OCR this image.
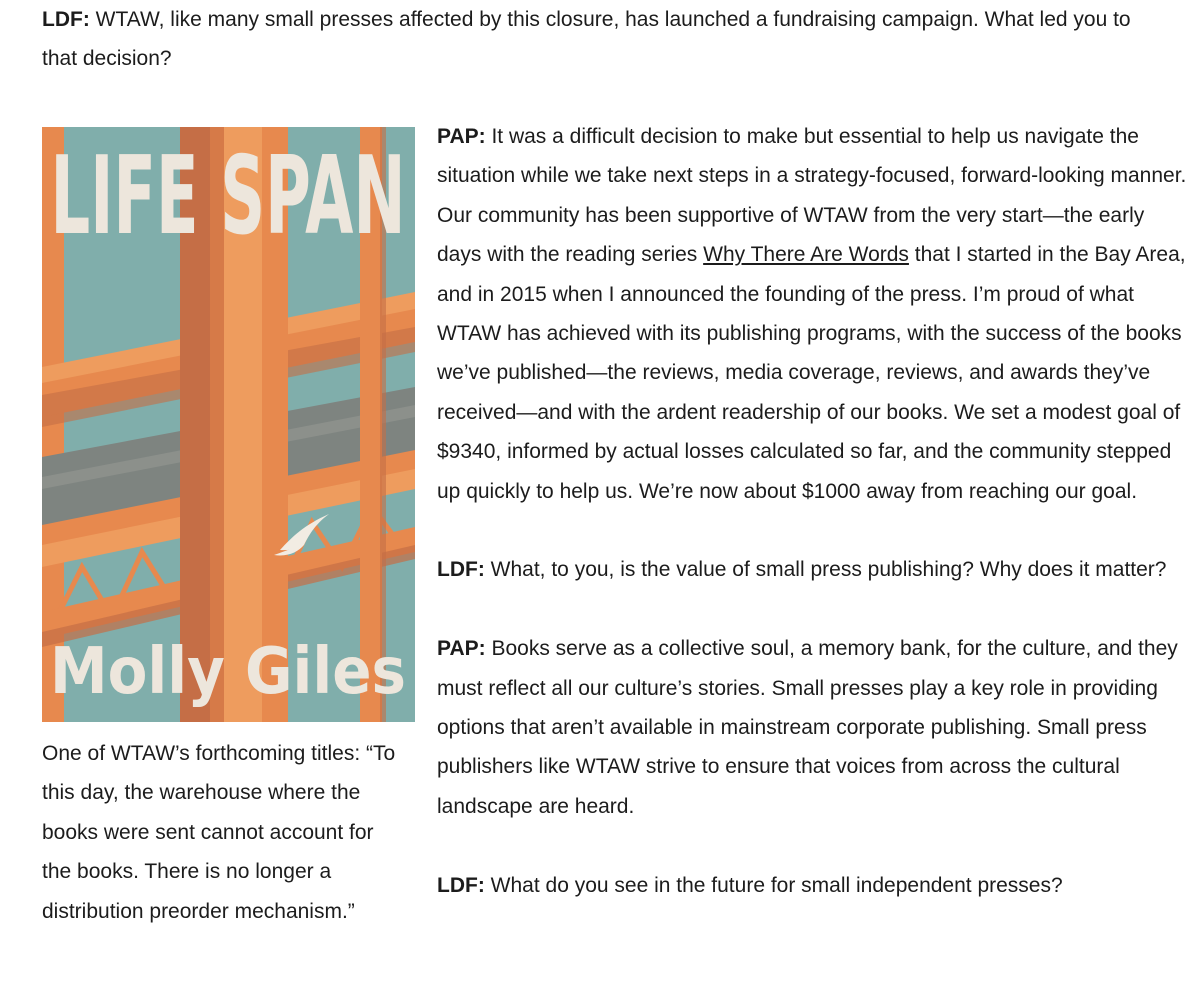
LDF: WTAW, like many small presses affected by this closure, has launched a fundraising campaign. What led you to that decision?

LIFE SPAN
Molly Giles

One of WTAW’s forthcoming titles: “To this day, the warehouse where the books were sent cannot account for the books. There is no longer a distribution preorder mechanism.”

PAP: It was a difficult decision to make but essential to help us navigate the situation while we take next steps in a strategy-focused, forward-looking manner. Our community has been supportive of WTAW from the very start—the early days with the reading series Why There Are Words that I started in the Bay Area, and in 2015 when I announced the founding of the press. I’m proud of what WTAW has achieved with its publishing programs, with the success of the books we’ve published—the reviews, media coverage, reviews, and awards they’ve received—and with the ardent readership of our books. We set a modest goal of $9340, informed by actual losses calculated so far, and the community stepped up quickly to help us. We’re now about $1000 away from reaching our goal.

LDF: What, to you, is the value of small press publishing? Why does it matter?

PAP: Books serve as a collective soul, a memory bank, for the culture, and they must reflect all our culture’s stories. Small presses play a key role in providing options that aren’t available in mainstream corporate publishing. Small press publishers like WTAW strive to ensure that voices from across the cultural landscape are heard.

LDF: What do you see in the future for small independent presses?
